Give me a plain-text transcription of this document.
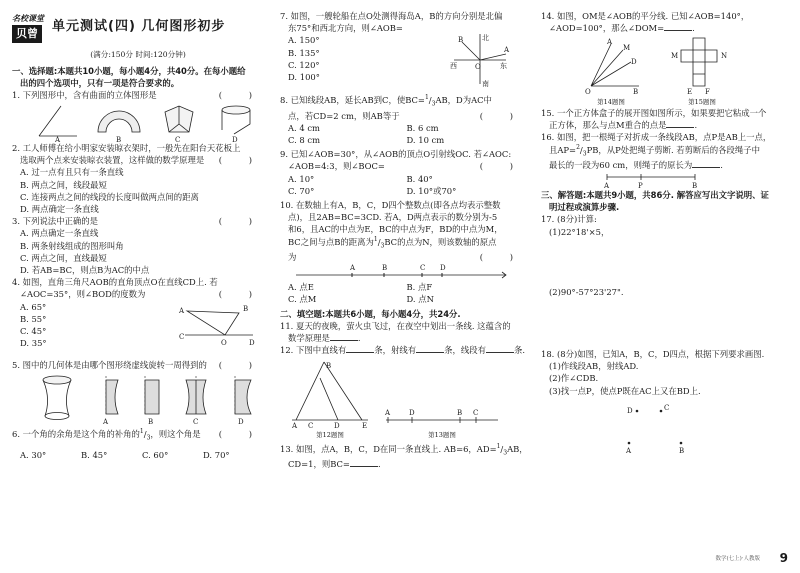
名校课堂
贝曾	单元测试(四) 几何图形初步

(满分:150分 时间:120分钟)

一、选择题:本题共10小题，每小题4分，共40分。在每小题给

出的四个选项中，只有一项是符合要求的。

1. 下列图形中，含有曲面的立体图形是	( )

A	B	C	D

2. 工人师傅在给小明家安装晾衣架时，一般先在阳台天花板上

选取两个点来安装晾衣装置，这样做的数学原理是 ( )

A. 过一点有且只有一条直线

B. 两点之间，线段最短

C. 连接两点之间的线段的长度叫做两点间的距离

D. 两点确定一条直线

3. 下列说法中正确的是	( )

A. 两点确定一条直线

B. 两条射线组成的图形叫角

C. 两点之间，直线最短

D. 若AB=BC，则点B为AC的中点

4. 如图，直角三角尺AOB的直角顶点O在直线CD上. 若

∠AOC=35°，则∠BOD的度数为	( )

A. 65°

B. 55°

C. 45°

D. 35°

A	B
C
O	D

5. 图中的几何体是由哪个图形绕虚线旋转一周得到的 ( )

A	B	C	D

6. 一个角的余角是这个角的补角的$^1/_3$，则这个角是 ( )

A. 30°	B. 45°	C. 60°	D. 70°

7. 如图，一艘轮船在点O处测得海岛A，B的方向分别是北偏

东75°和西北方向，则∠AOB=

A. 150°

B. 135°

C. 120°

D. 100°

北
西	东
南
A
B
O

8. 已知线段AB，延长AB到C，使$BC=^1/_3AB$，D为AC中

点，若CD=2 cm，则AB等于	( )

A. 4 cm	B. 6 cm
C. 8 cm	D. 10 cm

9. 已知∠AOB=30°，从∠AOB的顶点O引射线OC. 若∠AOC:

∠AOB=4:3，则∠BOC=	( )

A. 10°	B. 40°
C. 70°	D. 10°或70°

10. 在数轴上有A，B，C，D四个整数点(即各点均表示整数

点)，且2AB=BC=3CD. 若A，D两点表示的数分别为-5

和6，且AC的中点为E，BC的中点为F，BD的中点为M，

BC之间与点B的距离为$^1/_3BC$的点为N，则该数轴的原点

为	( )

A	B	C D
A. 点E	B. 点F
C. 点M	D. 点N

二、填空题:本题共6小题，每小题4分，共24分.

11. 夏天的夜晚，萤火虫飞过，在夜空中划出一条线. 这蕴含的

数学原理是	.

12. 下图中直线有	条，射线有	条，线段有	条.

B
A C	D	E
第12题图
A	D	B C
第13题图

13. 如图，点A，B，C，D在同一条直线上. AB=6，$AD=^1/_3AB$，

CD=1，则BC=	.

14. 如图，OM是∠AOB的平分线. 已知∠AOB=140°，

∠AOD=100°，那么∠DOM=	.

A
M
D
O	B
第14题图
M	N
E F
第15题图

15. 一个正方体盒子的展开图如图所示，如果要把它粘成一个

正方体，那么与点M重合的点是	.

16. 如图，把一根绳子对折成一条线段AB，点P是AB上一点，

且$AP=^2/_3PB$，从P处把绳子剪断. 若剪断后的各段绳子中

最长的一段为60 cm，则绳子的原长为	.

A	P	B

三、解答题:本题共9小题，共86分. 解答应写出文字说明、证

明过程或演算步骤.

17. (8分)计算:

(1)22°18'×5，

(2)90°-57°23'27".

18. (8分)如图，已知A，B，C，D四点，根据下列要求画图.

(1)作线段AB，射线AD.

(2)作∠CDB.

(3)找一点P，使点P既在AC上又在BD上.

D	C
A	B
数学(七上)·人教版 9
